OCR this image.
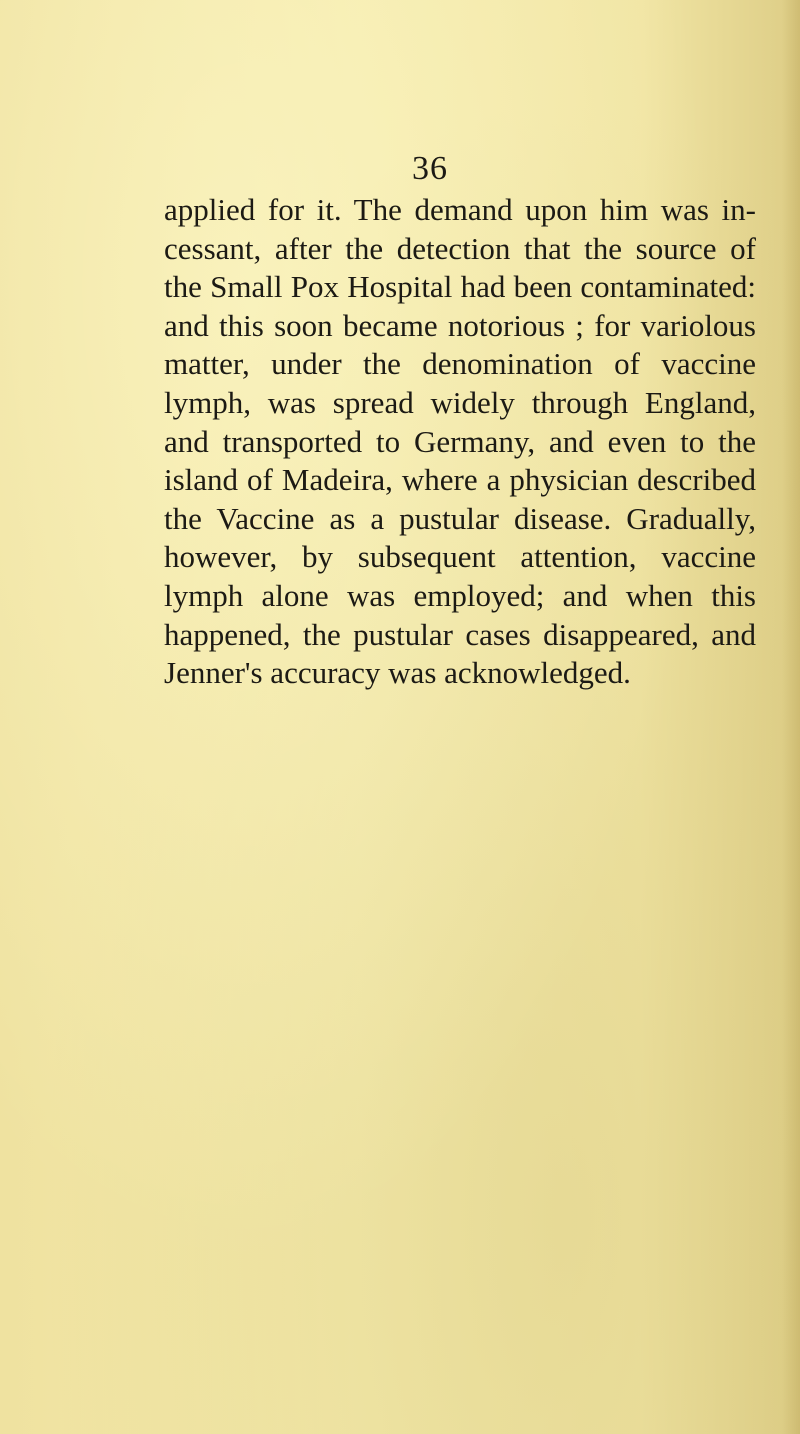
36
applied for it. The demand upon him was in-
cessant, after the detection that the source of
the Small Pox Hospital had been contaminated:
and this soon became notorious ; for variolous
matter, under the denomination of vaccine
lymph, was spread widely through England,
and transported to Germany, and even to the
island of Madeira, where a physician described
the Vaccine as a pustular disease. Gradually,
however, by subsequent attention, vaccine
lymph alone was employed; and when this
happened, the pustular cases disappeared, and
Jenner's accuracy was acknowledged.
